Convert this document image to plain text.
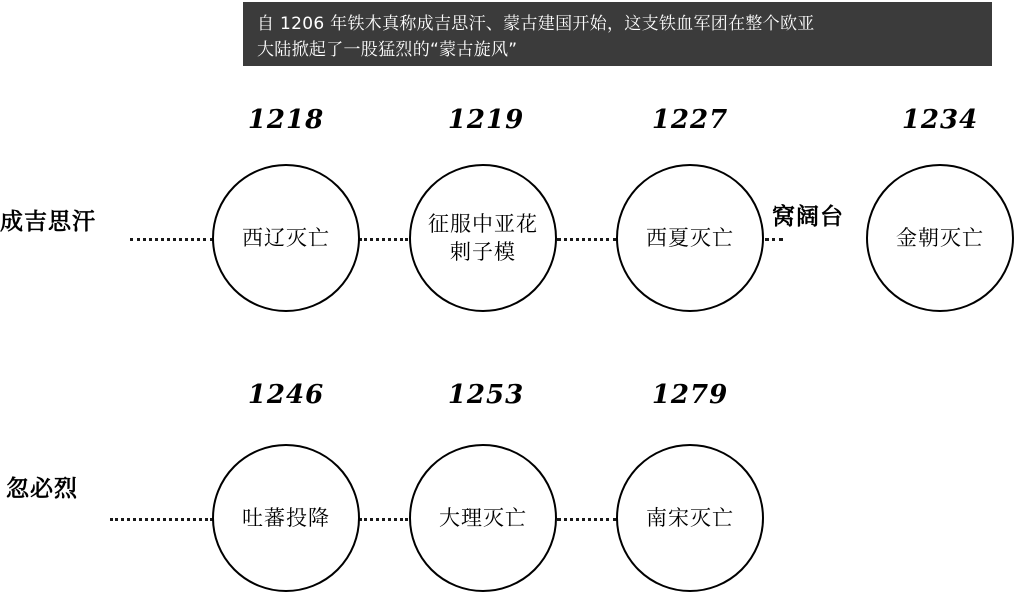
自 1206 年铁木真称成吉思汗、蒙古建国开始，这支铁血军团在整个欧亚
大陆掀起了一股猛烈的“蒙古旋风”
成吉思汗	窝阔台
1218	1219	1227	1234
西辽灭亡
征服中亚花剌子模
西夏灭亡	金朝灭亡
忽必烈
1246	1253	1279
吐蕃投降	大理灭亡	南宋灭亡
